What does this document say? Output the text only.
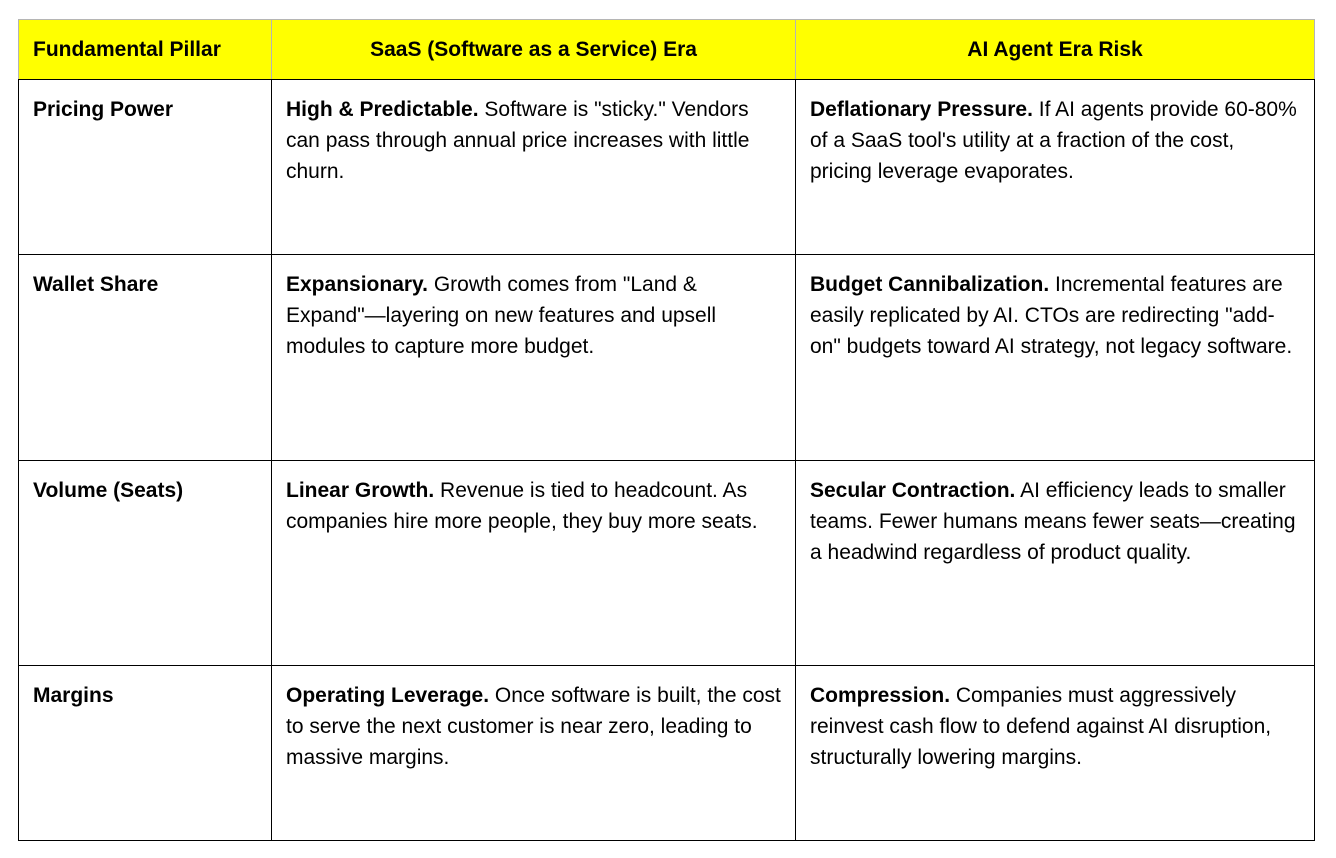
Fundamental Pillar	SaaS (Software as a Service) Era	AI Agent Era Risk
Pricing Power	High & Predictable. Software is "sticky." Vendors can pass through annual price increases with little churn.	Deflationary Pressure. If AI agents provide 60-80% of a SaaS tool's utility at a fraction of the cost, pricing leverage evaporates.
Wallet Share	Expansionary. Growth comes from "Land & Expand"—layering on new features and upsell modules to capture more budget.	Budget Cannibalization. Incremental features are easily replicated by AI. CTOs are redirecting "add-on" budgets toward AI strategy, not legacy software.
Volume (Seats)	Linear Growth. Revenue is tied to headcount. As companies hire more people, they buy more seats.	Secular Contraction. AI efficiency leads to smaller teams. Fewer humans means fewer seats—creating a headwind regardless of product quality.
Margins	Operating Leverage. Once software is built, the cost to serve the next customer is near zero, leading to massive margins.	Compression. Companies must aggressively reinvest cash flow to defend against AI disruption, structurally lowering margins.
